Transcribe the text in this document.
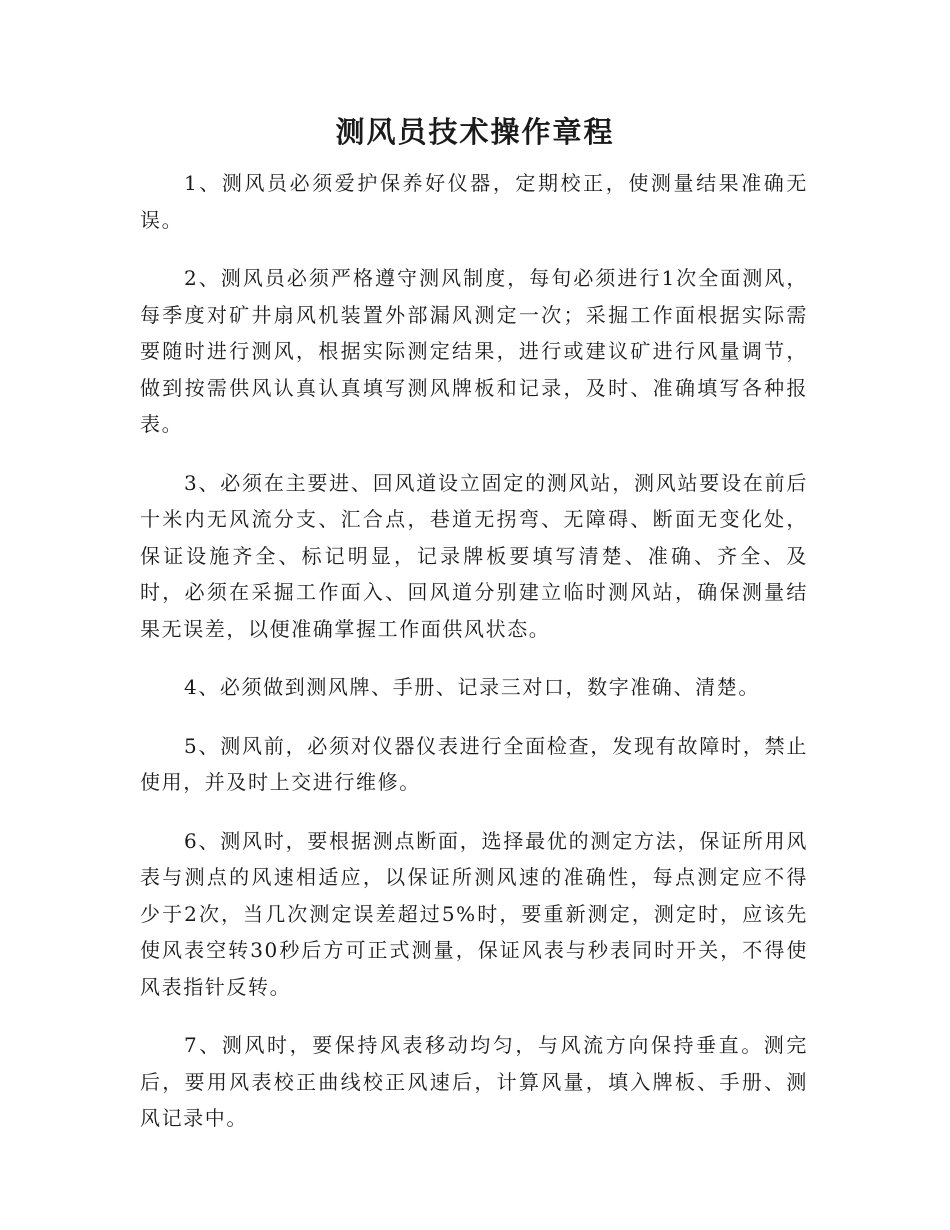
测风员技术操作章程

1、测风员必须爱护保养好仪器，定期校正，使测量结果准确无误。

2、测风员必须严格遵守测风制度，每旬必须进行1次全面测风，每季度对矿井扇风机装置外部漏风测定一次；采掘工作面根据实际需要随时进行测风，根据实际测定结果，进行或建议矿进行风量调节，做到按需供风认真认真填写测风牌板和记录，及时、准确填写各种报表。

3、必须在主要进、回风道设立固定的测风站，测风站要设在前后十米内无风流分支、汇合点，巷道无拐弯、无障碍、断面无变化处，保证设施齐全、标记明显，记录牌板要填写清楚、准确、齐全、及时，必须在采掘工作面入、回风道分别建立临时测风站，确保测量结果无误差，以便准确掌握工作面供风状态。

4、必须做到测风牌、手册、记录三对口，数字准确、清楚。

5、测风前，必须对仪器仪表进行全面检查，发现有故障时，禁止使用，并及时上交进行维修。

6、测风时，要根据测点断面，选择最优的测定方法，保证所用风表与测点的风速相适应，以保证所测风速的准确性，每点测定应不得少于2次，当几次测定误差超过5%时，要重新测定，测定时，应该先使风表空转30秒后方可正式测量，保证风表与秒表同时开关，不得使风表指针反转。

7、测风时，要保持风表移动均匀，与风流方向保持垂直。测完后，要用风表校正曲线校正风速后，计算风量，填入牌板、手册、测风记录中。
